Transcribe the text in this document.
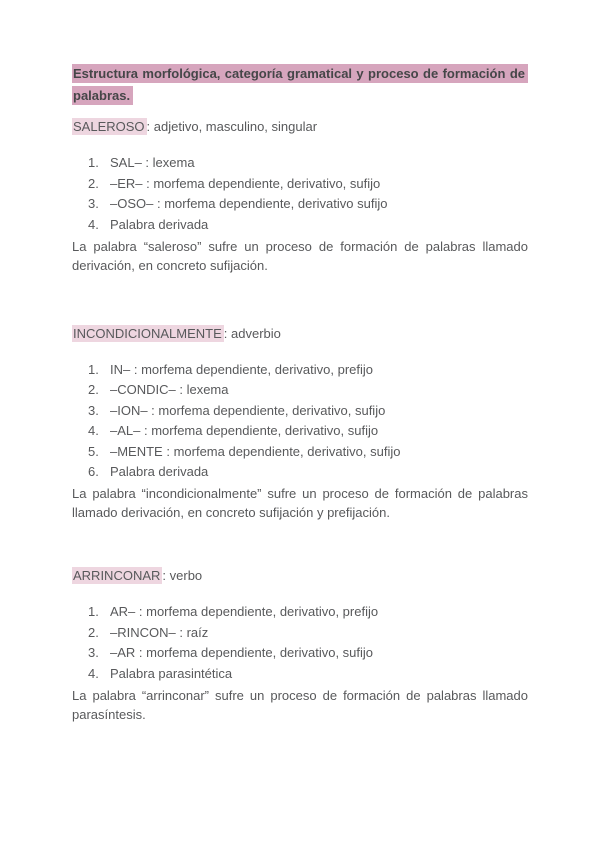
Estructura morfológica, categoría gramatical y proceso de formación de palabras.

SALEROSO : adjetivo, masculino, singular

SAL– : lexema
–ER– : morfema dependiente, derivativo, sufijo
–OSO– : morfema dependiente, derivativo sufijo
Palabra derivada

La palabra “saleroso” sufre un proceso de formación de palabras llamado derivación, en concreto sufijación.

INCONDICIONALMENTE : adverbio

IN– : morfema dependiente, derivativo, prefijo
–CONDIC– : lexema
–ION– : morfema dependiente, derivativo, sufijo
–AL– : morfema dependiente, derivativo, sufijo
–MENTE : morfema dependiente, derivativo, sufijo
Palabra derivada

La palabra “incondicionalmente” sufre un proceso de formación de palabras llamado derivación, en concreto sufijación y prefijación.

ARRINCONAR : verbo

AR– : morfema dependiente, derivativo, prefijo
–RINCON– : raíz
–AR : morfema dependiente, derivativo, sufijo
Palabra parasintética

La palabra “arrinconar” sufre un proceso de formación de palabras llamado parasíntesis.
